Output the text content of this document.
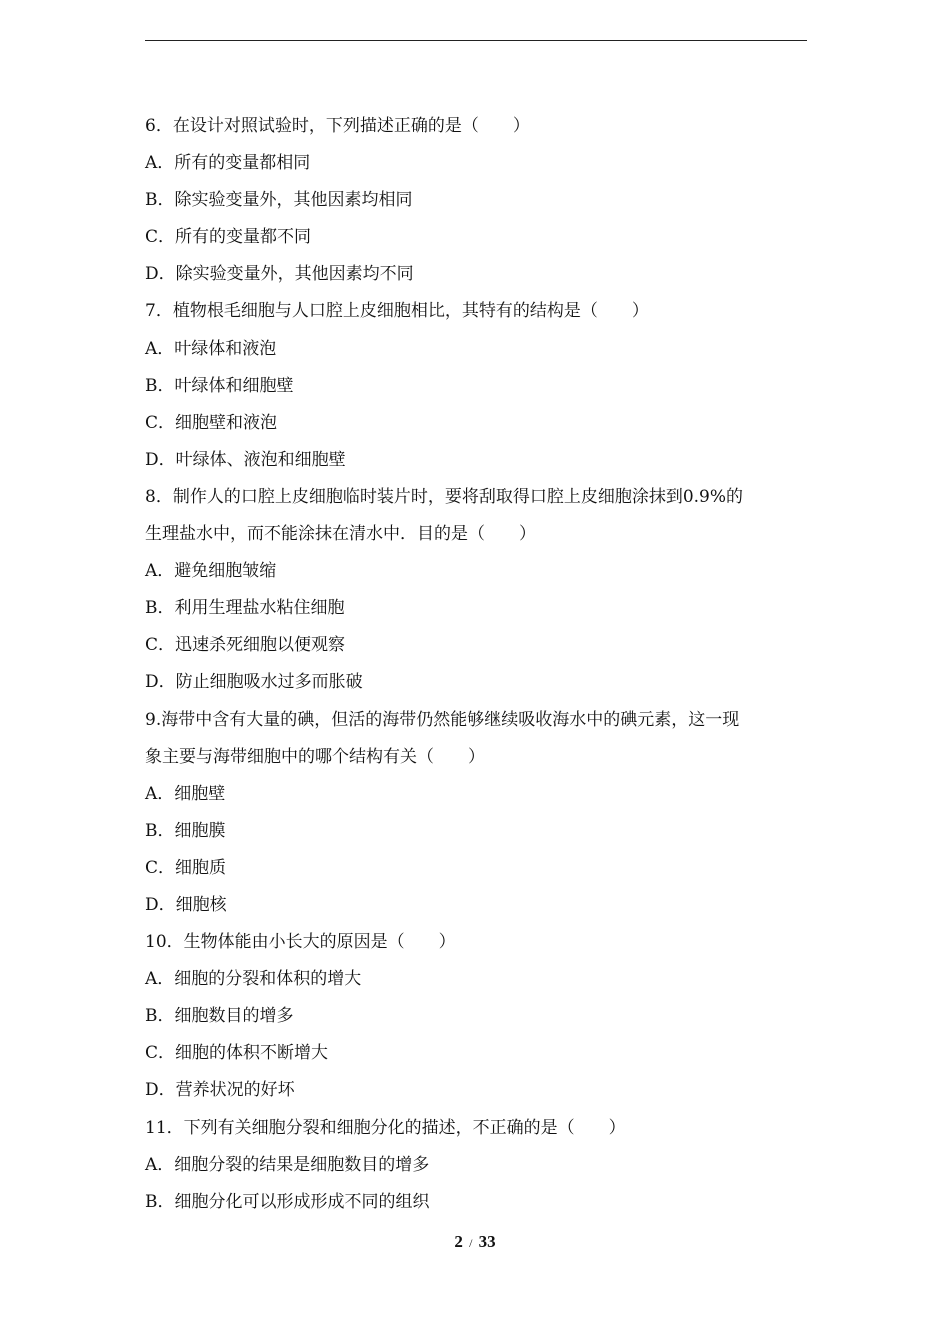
6．在设计对照试验时，下列描述正确的是（　　）
A．所有的变量都相同
B．除实验变量外，其他因素均相同
C．所有的变量都不同
D．除实验变量外，其他因素均不同
7．植物根毛细胞与人口腔上皮细胞相比，其特有的结构是（　　）
A．叶绿体和液泡
B．叶绿体和细胞壁
C．细胞壁和液泡
D．叶绿体、液泡和细胞壁
8．制作人的口腔上皮细胞临时装片时，要将刮取得口腔上皮细胞涂抹到0.9%的
生理盐水中，而不能涂抹在清水中．目的是（　　）
A．避免细胞皱缩
B．利用生理盐水粘住细胞
C．迅速杀死细胞以便观察
D．防止细胞吸水过多而胀破
9.海带中含有大量的碘，但活的海带仍然能够继续吸收海水中的碘元素，这一现
象主要与海带细胞中的哪个结构有关（　　）
A．细胞壁
B．细胞膜
C．细胞质
D．细胞核
10．生物体能由小长大的原因是（　　）
A．细胞的分裂和体积的增大
B．细胞数目的增多
C．细胞的体积不断增大
D．营养状况的好坏
11．下列有关细胞分裂和细胞分化的描述，不正确的是（　　）
A．细胞分裂的结果是细胞数目的增多
B．细胞分化可以形成形成不同的组织
2 / 33
